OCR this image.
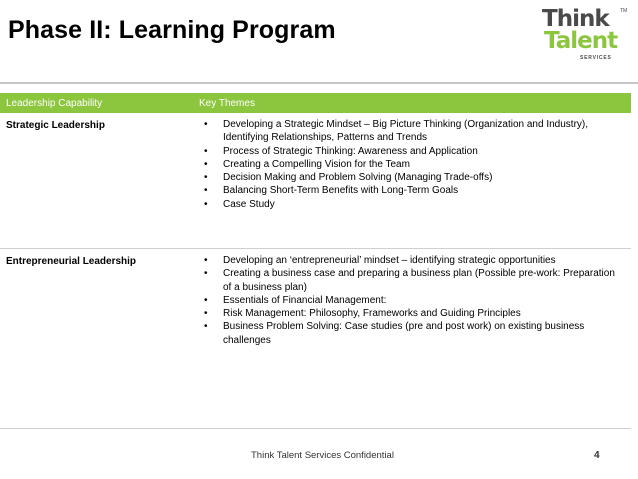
Phase II: Learning Program	Think TM
Talent
SERVICES
Leadership Capability	Key Themes
Strategic Leadership	• Developing a Strategic Mindset – Big Picture Thinking (Organization and Industry), Identifying Relationships, Patterns and Trends
• Process of Strategic Thinking: Awareness and Application
• Creating a Compelling Vision for the Team
• Decision Making and Problem Solving (Managing Trade-offs)
• Balancing Short-Term Benefits with Long-Term Goals
• Case Study
Entrepreneurial Leadership	• Developing an ‘entrepreneurial’ mindset – identifying strategic opportunities
• Creating a business case and preparing a business plan (Possible pre-work: Preparation of a business plan)
• Essentials of Financial Management:
• Risk Management: Philosophy, Frameworks and Guiding Principles
• Business Problem Solving: Case studies (pre and post work) on existing business challenges
Think Talent Services Confidential	4
